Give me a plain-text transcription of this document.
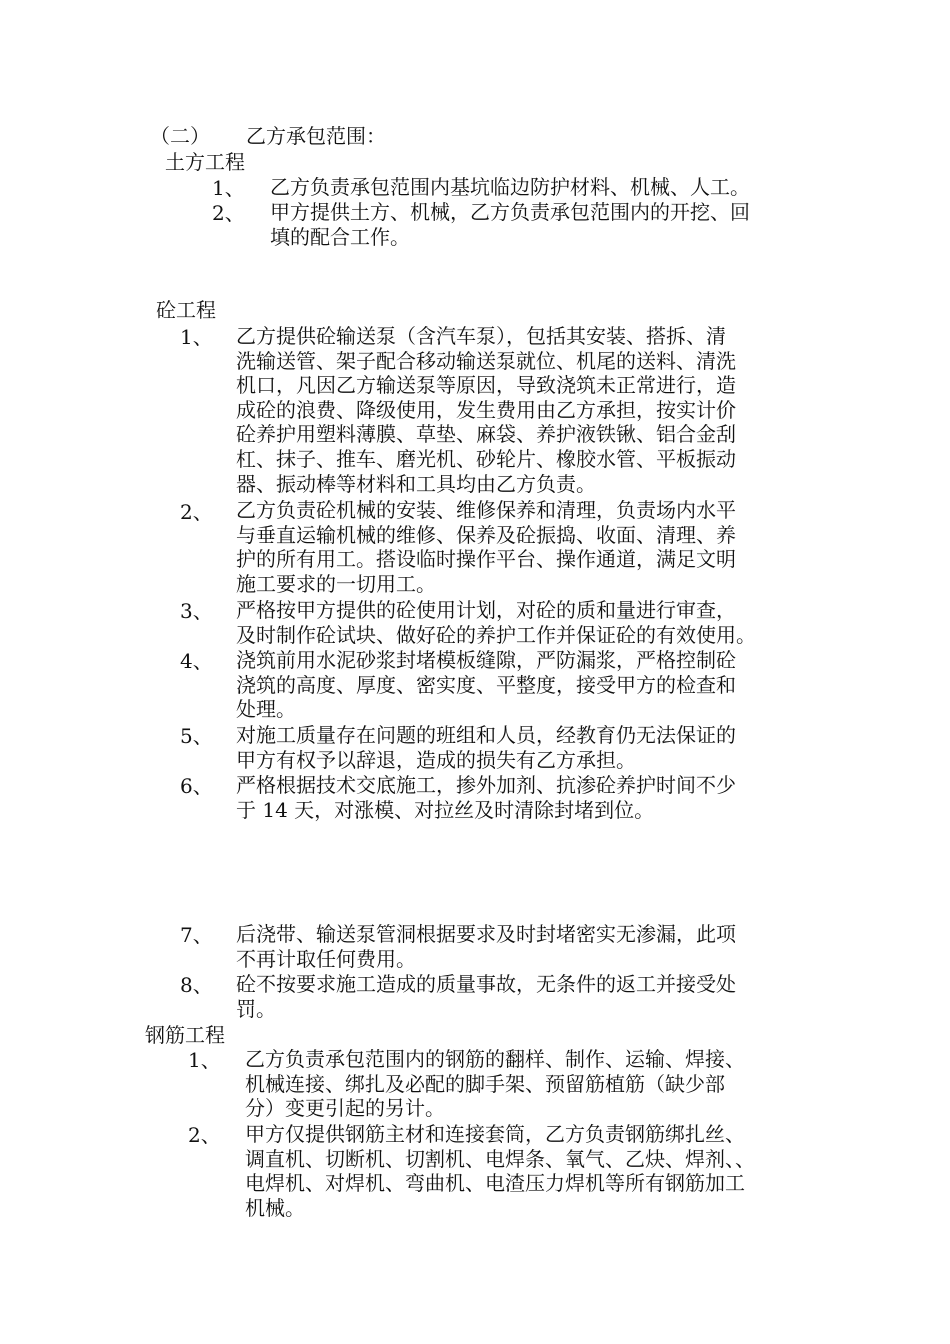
（二） 乙方承包范围：
土方工程
1、 乙方负责承包范围内基坑临边防护材料、机械、人工。
2、 甲方提供土方、机械，乙方负责承包范围内的开挖、回
填的配合工作。
砼工程
1、 乙方提供砼输送泵（含汽车泵），包括其安装、搭拆、清
洗输送管、架子配合移动输送泵就位、机尾的送料、清洗
机口，凡因乙方输送泵等原因，导致浇筑未正常进行，造
成砼的浪费、降级使用，发生费用由乙方承担，按实计价
砼养护用塑料薄膜、草垫、麻袋、养护液铁锹、铝合金刮
杠、抹子、推车、磨光机、砂轮片、橡胶水管、平板振动
器、振动棒等材料和工具均由乙方负责。
2、 乙方负责砼机械的安装、维修保养和清理，负责场内水平
与垂直运输机械的维修、保养及砼振捣、收面、清理、养
护的所有用工。搭设临时操作平台、操作通道，满足文明
施工要求的一切用工。
3、 严格按甲方提供的砼使用计划，对砼的质和量进行审查，
及时制作砼试块、做好砼的养护工作并保证砼的有效使用。
4、 浇筑前用水泥砂浆封堵模板缝隙，严防漏浆，严格控制砼
浇筑的高度、厚度、密实度、平整度，接受甲方的检查和
处理。
5、 对施工质量存在问题的班组和人员，经教育仍无法保证的
甲方有权予以辞退，造成的损失有乙方承担。
6、 严格根据技术交底施工，掺外加剂、抗渗砼养护时间不少
于 14 天，对涨模、对拉丝及时清除封堵到位。
7、 后浇带、输送泵管洞根据要求及时封堵密实无渗漏，此项
不再计取任何费用。
8、 砼不按要求施工造成的质量事故，无条件的返工并接受处
罚。
钢筋工程
1、 乙方负责承包范围内的钢筋的翻样、制作、运输、焊接、
机械连接、绑扎及必配的脚手架、预留筋植筋（缺少部
分）变更引起的另计。
2、 甲方仅提供钢筋主材和连接套筒，乙方负责钢筋绑扎丝、
调直机、切断机、切割机、电焊条、氧气、乙炔、焊剂、、
电焊机、对焊机、弯曲机、电渣压力焊机等所有钢筋加工
机械。
